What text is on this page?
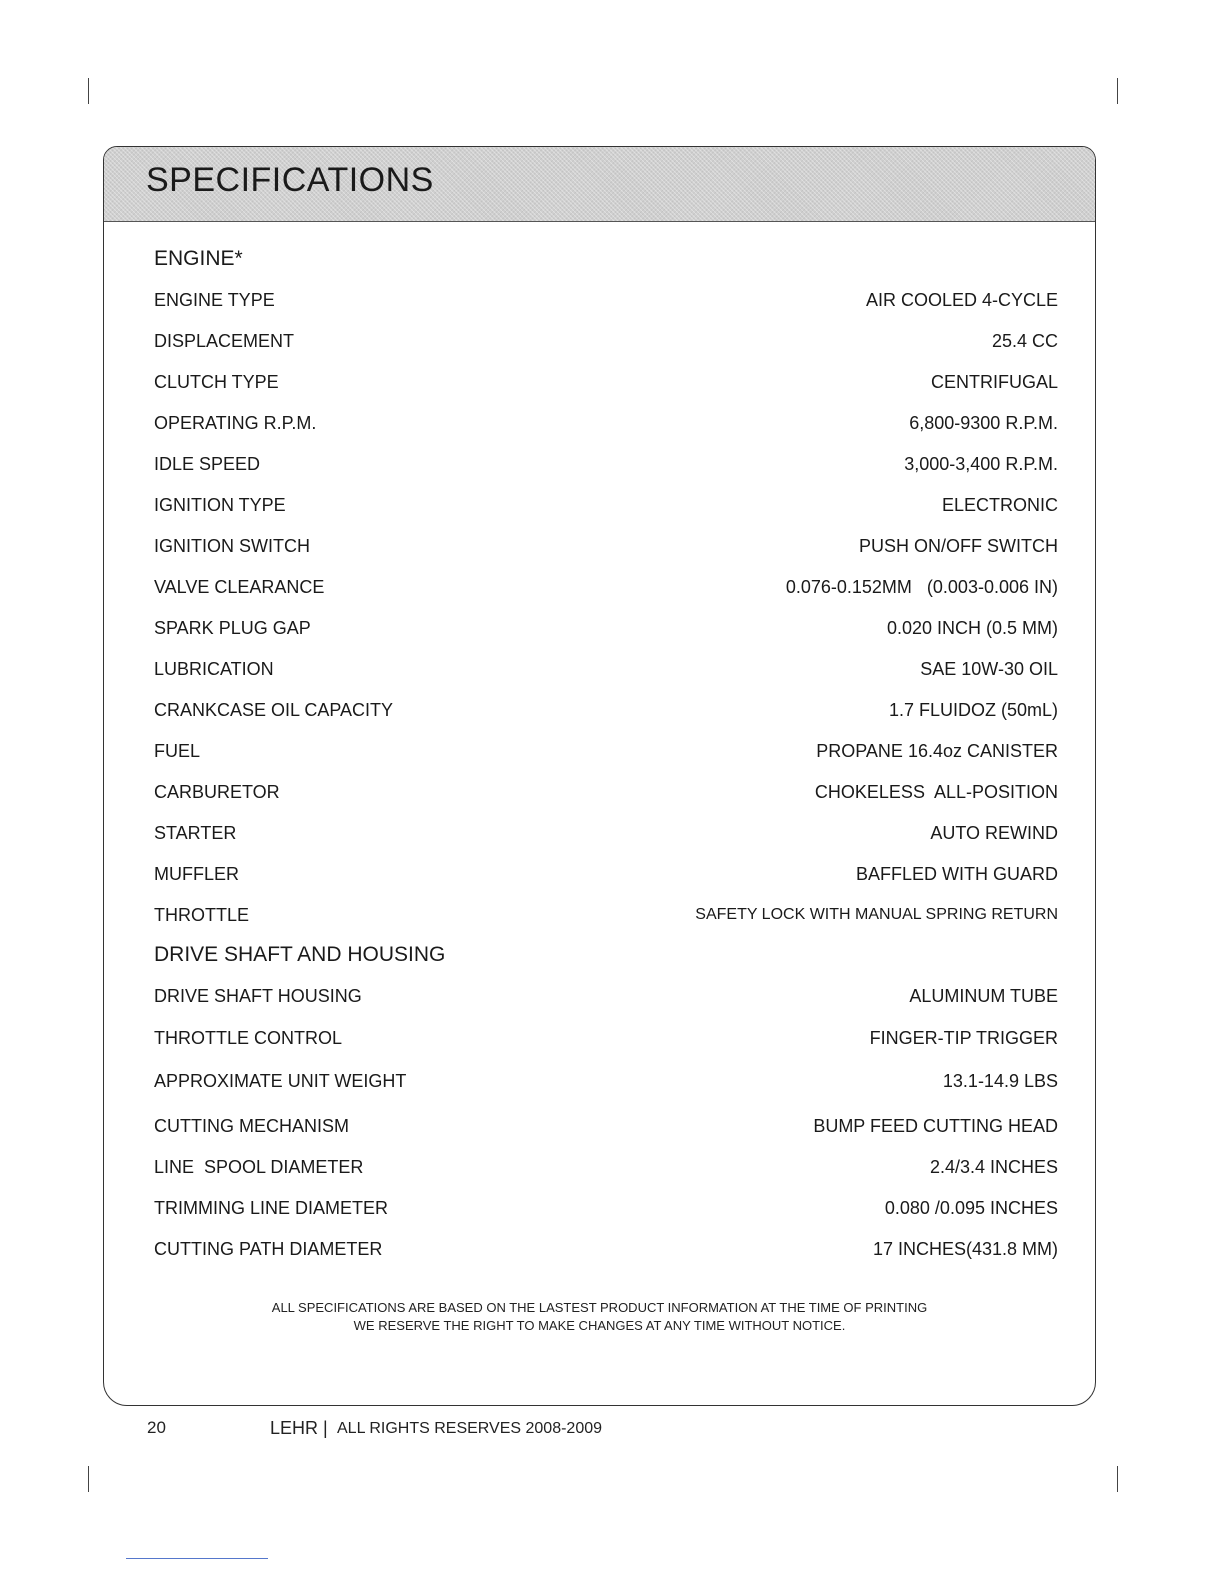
SPECIFICATIONS
ENGINE*
ENGINE TYPE	AIR COOLED 4-CYCLE
DISPLACEMENT	25.4 CC
CLUTCH TYPE	CENTRIFUGAL
OPERATING R.P.M.	6,800-9300 R.P.M.
IDLE SPEED	3,000-3,400 R.P.M.
IGNITION TYPE	ELECTRONIC
IGNITION SWITCH	PUSH ON/OFF SWITCH
VALVE CLEARANCE	0.076-0.152MM   (0.003-0.006 IN)
SPARK PLUG GAP	0.020 INCH (0.5 MM)
LUBRICATION	SAE 10W-30 OIL
CRANKCASE OIL CAPACITY	1.7 FLUIDOZ (50mL)
FUEL	PROPANE 16.4oz CANISTER
CARBURETOR	CHOKELESS  ALL-POSITION
STARTER	AUTO REWIND
MUFFLER	BAFFLED WITH GUARD
THROTTLE	SAFETY LOCK WITH MANUAL SPRING RETURN
DRIVE SHAFT AND HOUSING
DRIVE SHAFT HOUSING	ALUMINUM TUBE
THROTTLE CONTROL	FINGER-TIP TRIGGER
APPROXIMATE UNIT WEIGHT	13.1-14.9 LBS
CUTTING MECHANISM	BUMP FEED CUTTING HEAD
LINE  SPOOL DIAMETER	2.4/3.4 INCHES
TRIMMING LINE DIAMETER	0.080 /0.095 INCHES
CUTTING PATH DIAMETER	17 INCHES(431.8 MM)
ALL SPECIFICATIONS ARE BASED ON THE LASTEST PRODUCT INFORMATION AT THE TIME OF PRINTING
WE RESERVE THE RIGHT TO MAKE CHANGES AT ANY TIME WITHOUT NOTICE.
20	LEHR | ALL RIGHTS RESERVES 2008-2009
